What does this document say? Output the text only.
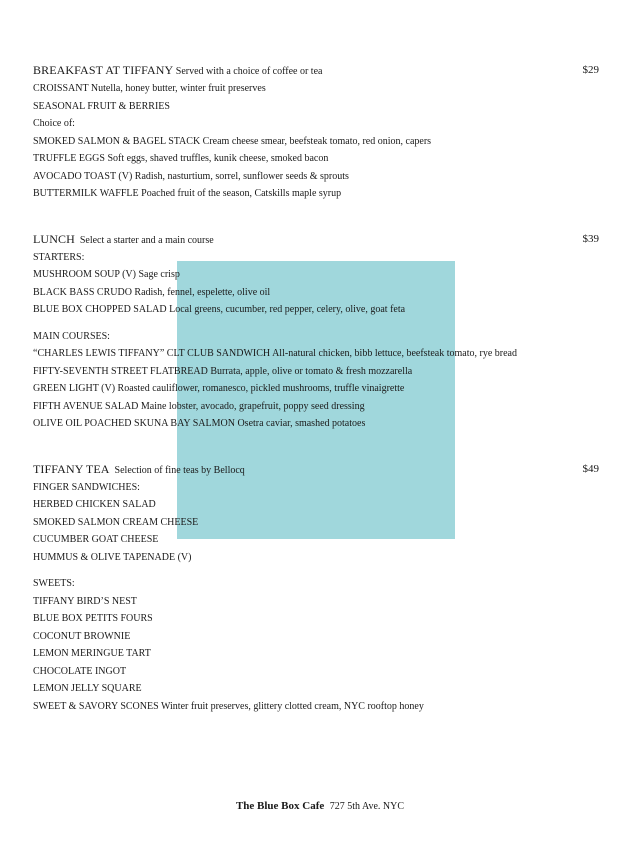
BREAKFAST AT TIFFANY Served with a choice of coffee or tea	$29
CROISSANT Nutella, honey butter, winter fruit preserves
SEASONAL FRUIT & BERRIES
Choice of:
SMOKED SALMON & BAGEL STACK Cream cheese smear, beefsteak tomato, red onion, capers
TRUFFLE EGGS Soft eggs, shaved truffles, kunik cheese, smoked bacon
AVOCADO TOAST (V) Radish, nasturtium, sorrel, sunflower seeds & sprouts
BUTTERMILK WAFFLE Poached fruit of the season, Catskills maple syrup
LUNCH Select a starter and a main course	$39
STARTERS:
MUSHROOM SOUP (V) Sage crisp
BLACK BASS CRUDO Radish, fennel, espelette, olive oil
BLUE BOX CHOPPED SALAD Local greens, cucumber, red pepper, celery, olive, goat feta
MAIN COURSES:
“CHARLES LEWIS TIFFANY” CLT CLUB SANDWICH All-natural chicken, bibb lettuce, beefsteak tomato, rye bread
FIFTY-SEVENTH STREET FLATBREAD Burrata, apple, olive or tomato & fresh mozzarella
GREEN LIGHT (V) Roasted cauliflower, romanesco, pickled mushrooms, truffle vinaigrette
FIFTH AVENUE SALAD Maine lobster, avocado, grapefruit, poppy seed dressing
OLIVE OIL POACHED SKUNA BAY SALMON Osetra caviar, smashed potatoes
TIFFANY TEA Selection of fine teas by Bellocq	$49
FINGER SANDWICHES:
HERBED CHICKEN SALAD
SMOKED SALMON CREAM CHEESE
CUCUMBER GOAT CHEESE
HUMMUS & OLIVE TAPENADE (V)
SWEETS:
TIFFANY BIRD’S NEST
BLUE BOX PETITS FOURS
COCONUT BROWNIE
LEMON MERINGUE TART
CHOCOLATE INGOT
LEMON JELLY SQUARE
SWEET & SAVORY SCONES Winter fruit preserves, glittery clotted cream, NYC rooftop honey
The Blue Box Cafe 727 5th Ave. NYC
